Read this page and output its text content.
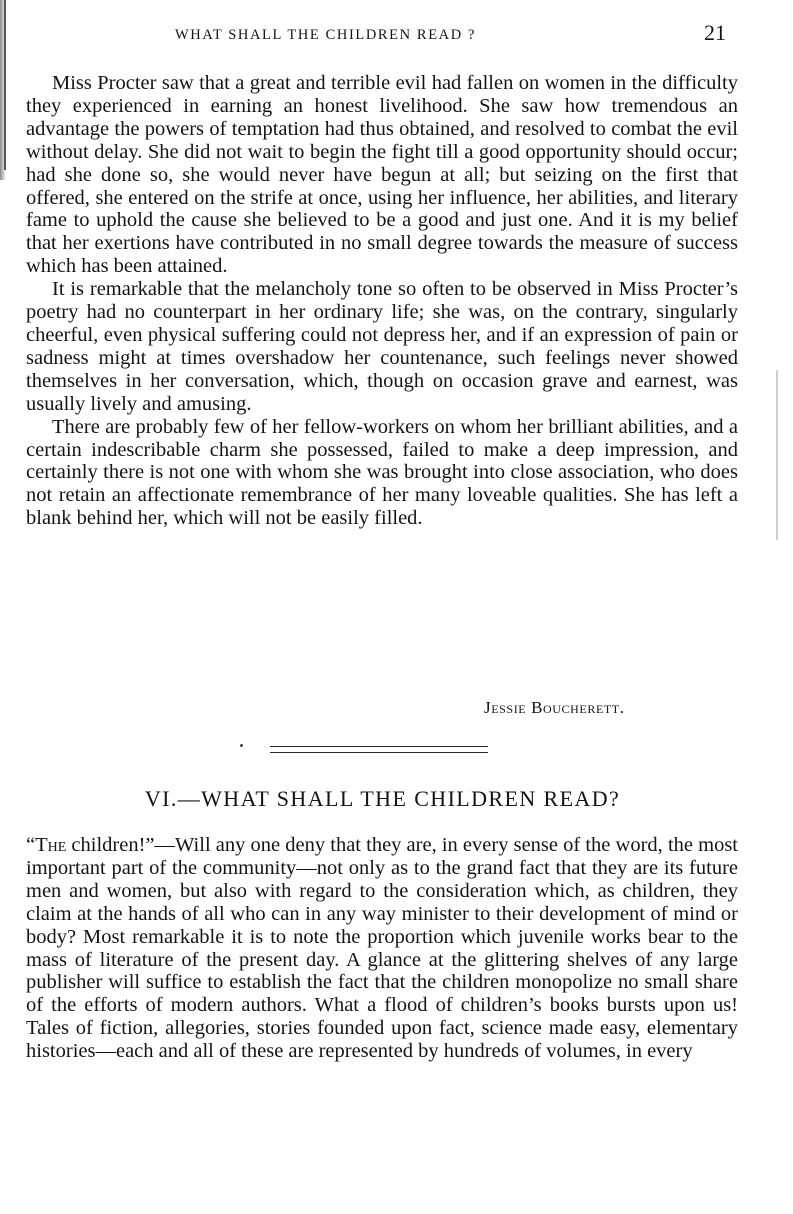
WHAT SHALL THE CHILDREN READ ?	21

Miss Procter saw that a great and terrible evil had fallen on women in the difficulty they experienced in earning an honest livelihood. She saw how tremendous an advantage the powers of temptation had thus obtained, and resolved to combat the evil without delay. She did not wait to begin the fight till a good opportunity should occur; had she done so, she would never have begun at all; but seizing on the first that offered, she entered on the strife at once, using her influence, her abilities, and literary fame to uphold the cause she believed to be a good and just one. And it is my belief that her exertions have contributed in no small degree towards the measure of success which has been attained.

It is remarkable that the melancholy tone so often to be observed in Miss Procter’s poetry had no counterpart in her ordinary life; she was, on the contrary, singularly cheerful, even physical suffering could not depress her, and if an expression of pain or sadness might at times overshadow her countenance, such feelings never showed themselves in her conversation, which, though on occasion grave and earnest, was usually lively and amusing.

There are probably few of her fellow-workers on whom her brilliant abilities, and a certain indescribable charm she possessed, failed to make a deep impression, and certainly there is not one with whom she was brought into close association, who does not retain an affectionate remembrance of her many loveable qualities. She has left a blank behind her, which will not be easily filled.

Jessie Boucherett.
VI.—WHAT SHALL THE CHILDREN READ?

“The children!”—Will any one deny that they are, in every sense of the word, the most important part of the community—not only as to the grand fact that they are its future men and women, but also with regard to the consideration which, as children, they claim at the hands of all who can in any way minister to their development of mind or body? Most remarkable it is to note the proportion which juvenile works bear to the mass of literature of the present day. A glance at the glittering shelves of any large publisher will suffice to establish the fact that the children monopolize no small share of the efforts of modern authors. What a flood of children’s books bursts upon us! Tales of fiction, allegories, stories founded upon fact, science made easy, elementary histories—each and all of these are represented by hundreds of volumes, in every
